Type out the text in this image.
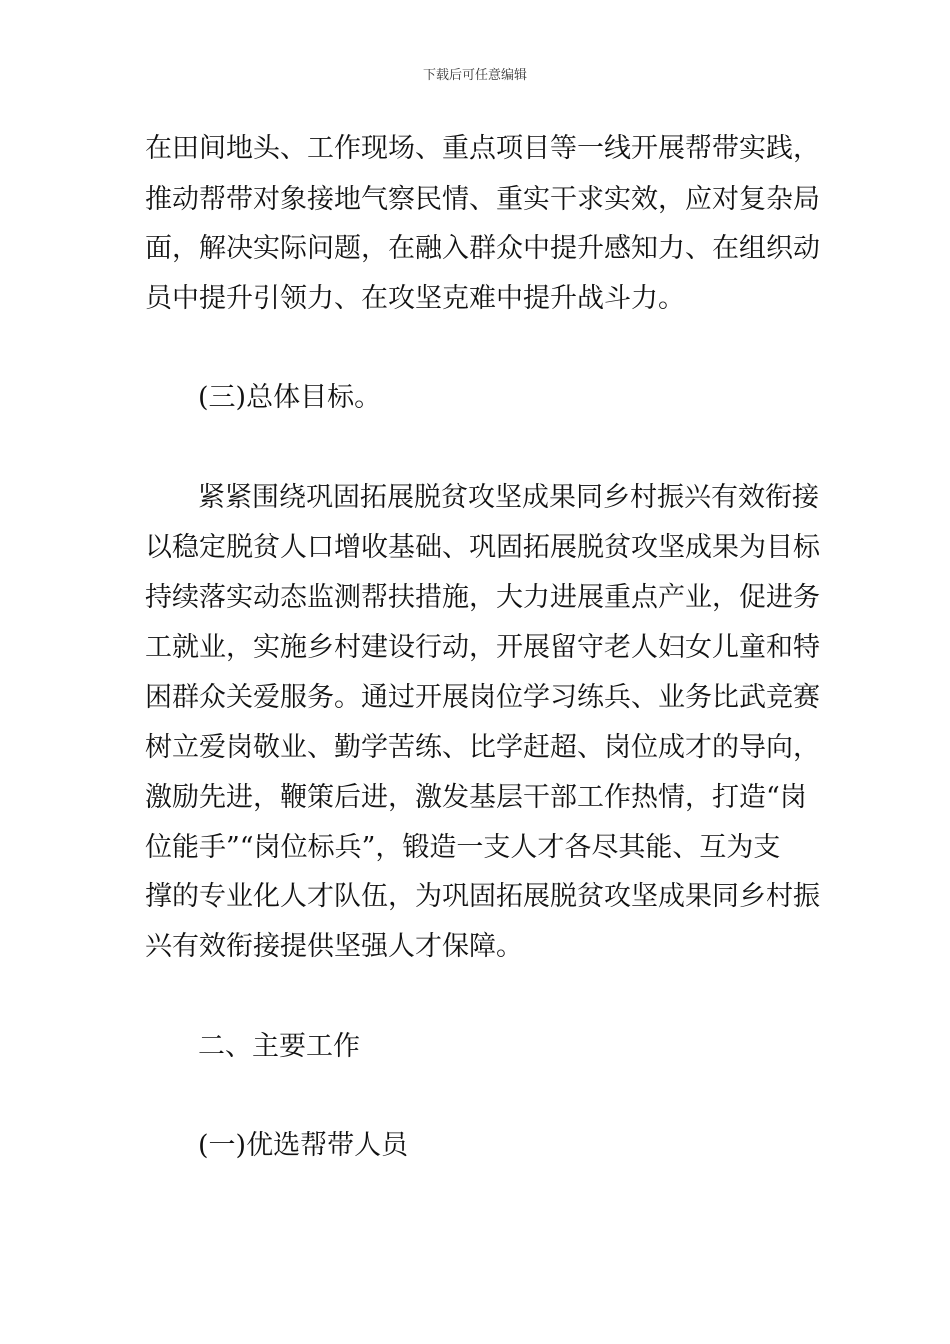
下载后可任意编辑
在田间地头、工作现场、重点项目等一线开展帮带实践，
推动帮带对象接地气察民情、重实干求实效，应对复杂局
面，解决实际问题，在融入群众中提升感知力、在组织动
员中提升引领力、在攻坚克难中提升战斗力。
(三)总体目标。
紧紧围绕巩固拓展脱贫攻坚成果同乡村振兴有效衔接
以稳定脱贫人口增收基础、巩固拓展脱贫攻坚成果为目标
持续落实动态监测帮扶措施，大力进展重点产业，促进务
工就业，实施乡村建设行动，开展留守老人妇女儿童和特
困群众关爱服务。通过开展岗位学习练兵、业务比武竞赛
树立爱岗敬业、勤学苦练、比学赶超、岗位成才的导向，
激励先进，鞭策后进，激发基层干部工作热情，打造“岗
位能手”“岗位标兵”，锻造一支人才各尽其能、互为支
撑的专业化人才队伍，为巩固拓展脱贫攻坚成果同乡村振
兴有效衔接提供坚强人才保障。
二、主要工作
(一)优选帮带人员
